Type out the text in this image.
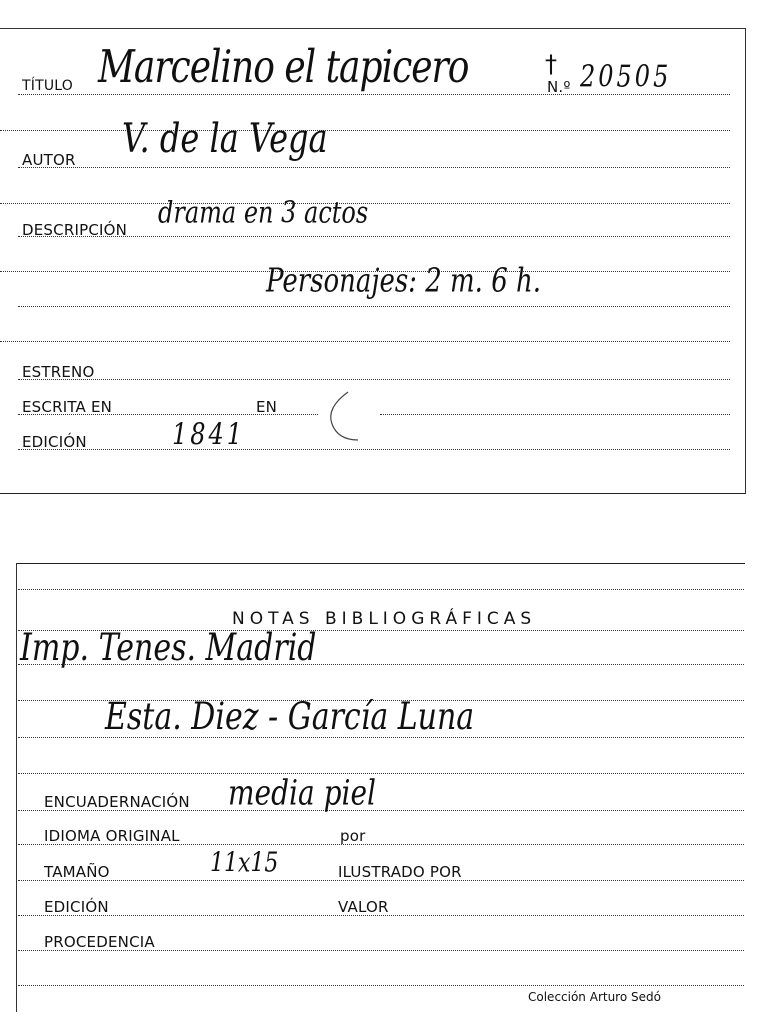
TÍTULO Marcelino el tapicero	†
N.º 20505
AUTOR V. de la Vega
DESCRIPCIÓN drama en 3 actos
Personajes: 2 m. 6 h.
ESTRENO
ESCRITA EN	EN
EDICIÓN	1841
NOTAS BIBLIOGRÁFICAS
Imp. Tenes. Madrid
Esta. Diez - García Luna
ENCUADERNACIÓN media piel
IDIOMA ORIGINAL	por
TAMAÑO	11x15	ILUSTRADO POR
EDICIÓN	VALOR
PROCEDENCIA
Colección Arturo Sedó
